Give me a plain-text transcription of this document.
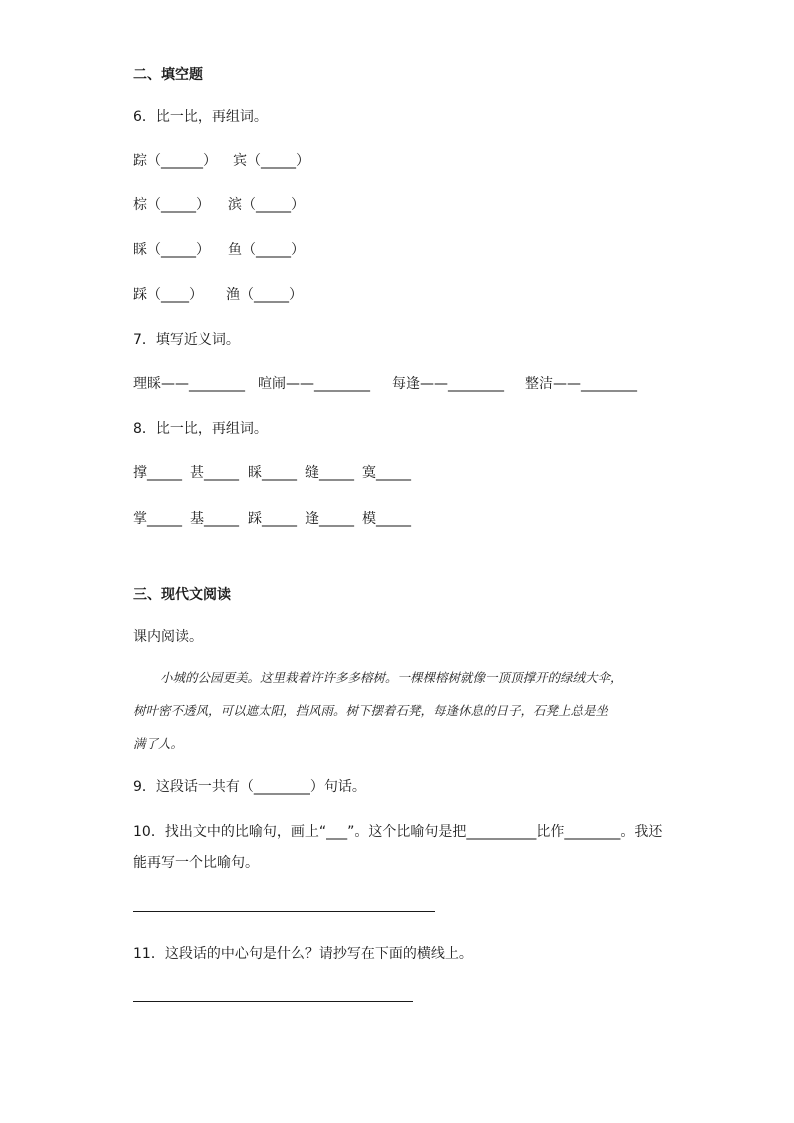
二、填空题
6．比一比，再组词。
踪（______） 宾（_____）
棕（_____） 滨（_____）
睬（_____） 鱼（_____）
踩（____） 渔（_____）
7．填写近义词。
理睬——________ 喧闹——________ 每逢——________ 整洁——________
8．比一比，再组词。
撑_____ 甚_____ 睬_____ 缝_____ 寞_____
掌_____ 基_____ 踩_____ 逢_____ 模_____
三、现代文阅读
课内阅读。
小城的公园更美。这里栽着许许多多榕树。一棵棵榕树就像一顶顶撑开的绿绒大伞，
树叶密不透风，可以遮太阳，挡风雨。树下摆着石凳，每逢休息的日子，石凳上总是坐
满了人。
9．这段话一共有（________）句话。
10．找出文中的比喻句，画上“___”。这个比喻句是把__________比作________。我还
能再写一个比喻句。
11．这段话的中心句是什么？请抄写在下面的横线上。
